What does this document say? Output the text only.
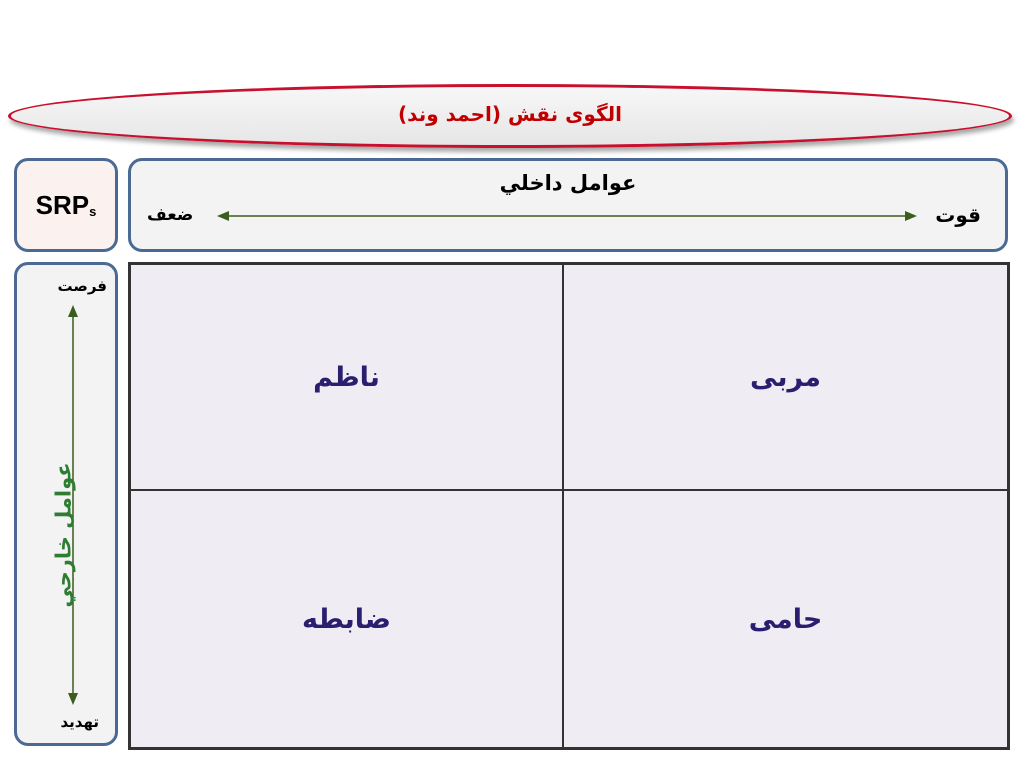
الگوی نقش (احمد وند)
SRPs
عوامل داخلي
قوت
ضعف
فرصت
عوامل خارجي
تهديد
ناظم	مربی
ضابطه	حامی
